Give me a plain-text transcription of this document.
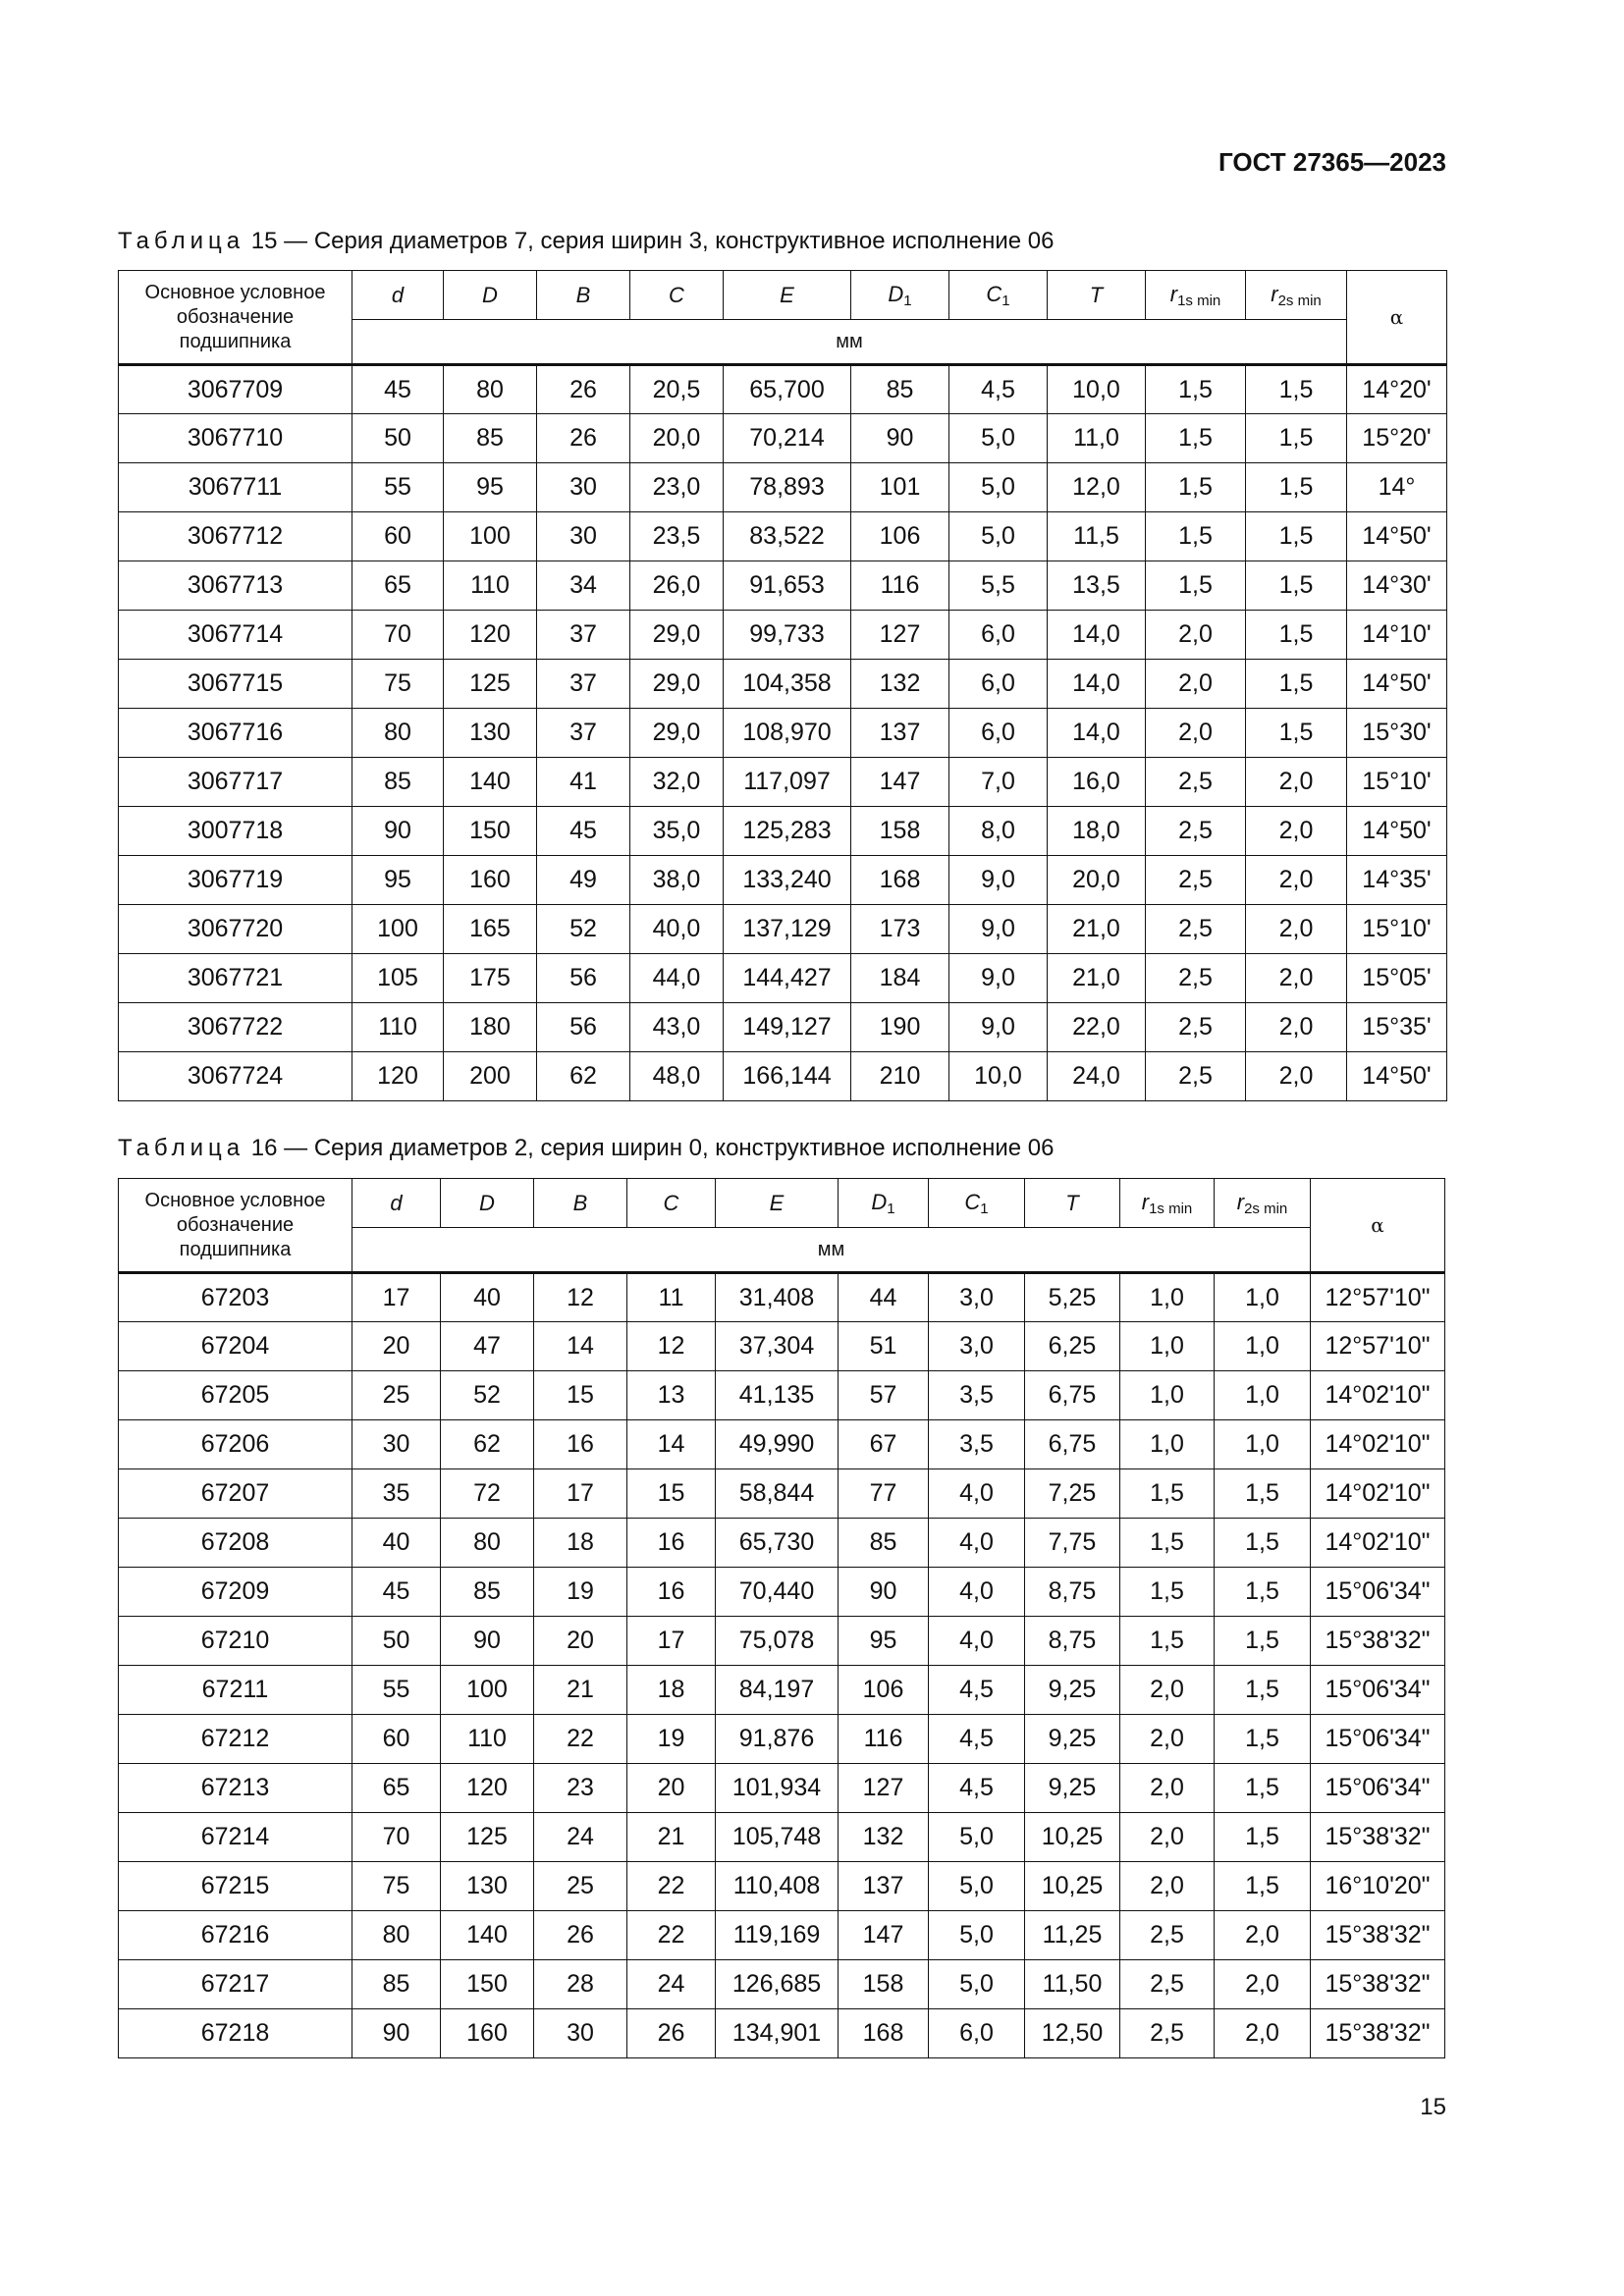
ГОСТ 27365—2023
Таблица 15 — Серия диаметров 7, серия ширин 3, конструктивное исполнение 06
Основное условное обозначение подшипника	d	D	B	C	E	$D_1$	$C_1$	T	$r_{1s min}$	$r_{2s min}$	α
	мм										
3067709	45	80	26	20,5	65,700	85	4,5	10,0	1,5	1,5	14°20'
3067710	50	85	26	20,0	70,214	90	5,0	11,0	1,5	1,5	15°20'
3067711	55	95	30	23,0	78,893	101	5,0	12,0	1,5	1,5	14°
3067712	60	100	30	23,5	83,522	106	5,0	11,5	1,5	1,5	14°50'
3067713	65	110	34	26,0	91,653	116	5,5	13,5	1,5	1,5	14°30'
3067714	70	120	37	29,0	99,733	127	6,0	14,0	2,0	1,5	14°10'
3067715	75	125	37	29,0	104,358	132	6,0	14,0	2,0	1,5	14°50'
3067716	80	130	37	29,0	108,970	137	6,0	14,0	2,0	1,5	15°30'
3067717	85	140	41	32,0	117,097	147	7,0	16,0	2,5	2,0	15°10'
3007718	90	150	45	35,0	125,283	158	8,0	18,0	2,5	2,0	14°50'
3067719	95	160	49	38,0	133,240	168	9,0	20,0	2,5	2,0	14°35'
3067720	100	165	52	40,0	137,129	173	9,0	21,0	2,5	2,0	15°10'
3067721	105	175	56	44,0	144,427	184	9,0	21,0	2,5	2,0	15°05'
3067722	110	180	56	43,0	149,127	190	9,0	22,0	2,5	2,0	15°35'
3067724	120	200	62	48,0	166,144	210	10,0	24,0	2,5	2,0	14°50'
Таблица 16 — Серия диаметров 2, серия ширин 0, конструктивное исполнение 06
Основное условное обозначение подшипника	d	D	B	C	E	$D_1$	$C_1$	T	$r_{1s min}$	$r_{2s min}$	α
	мм										
67203	17	40	12	11	31,408	44	3,0	5,25	1,0	1,0	12°57'10"
67204	20	47	14	12	37,304	51	3,0	6,25	1,0	1,0	12°57'10"
67205	25	52	15	13	41,135	57	3,5	6,75	1,0	1,0	14°02'10"
67206	30	62	16	14	49,990	67	3,5	6,75	1,0	1,0	14°02'10"
67207	35	72	17	15	58,844	77	4,0	7,25	1,5	1,5	14°02'10"
67208	40	80	18	16	65,730	85	4,0	7,75	1,5	1,5	14°02'10"
67209	45	85	19	16	70,440	90	4,0	8,75	1,5	1,5	15°06'34"
67210	50	90	20	17	75,078	95	4,0	8,75	1,5	1,5	15°38'32"
67211	55	100	21	18	84,197	106	4,5	9,25	2,0	1,5	15°06'34"
67212	60	110	22	19	91,876	116	4,5	9,25	2,0	1,5	15°06'34"
67213	65	120	23	20	101,934	127	4,5	9,25	2,0	1,5	15°06'34"
67214	70	125	24	21	105,748	132	5,0	10,25	2,0	1,5	15°38'32"
67215	75	130	25	22	110,408	137	5,0	10,25	2,0	1,5	16°10'20"
67216	80	140	26	22	119,169	147	5,0	11,25	2,5	2,0	15°38'32"
67217	85	150	28	24	126,685	158	5,0	11,50	2,5	2,0	15°38'32"
67218	90	160	30	26	134,901	168	6,0	12,50	2,5	2,0	15°38'32"
15
